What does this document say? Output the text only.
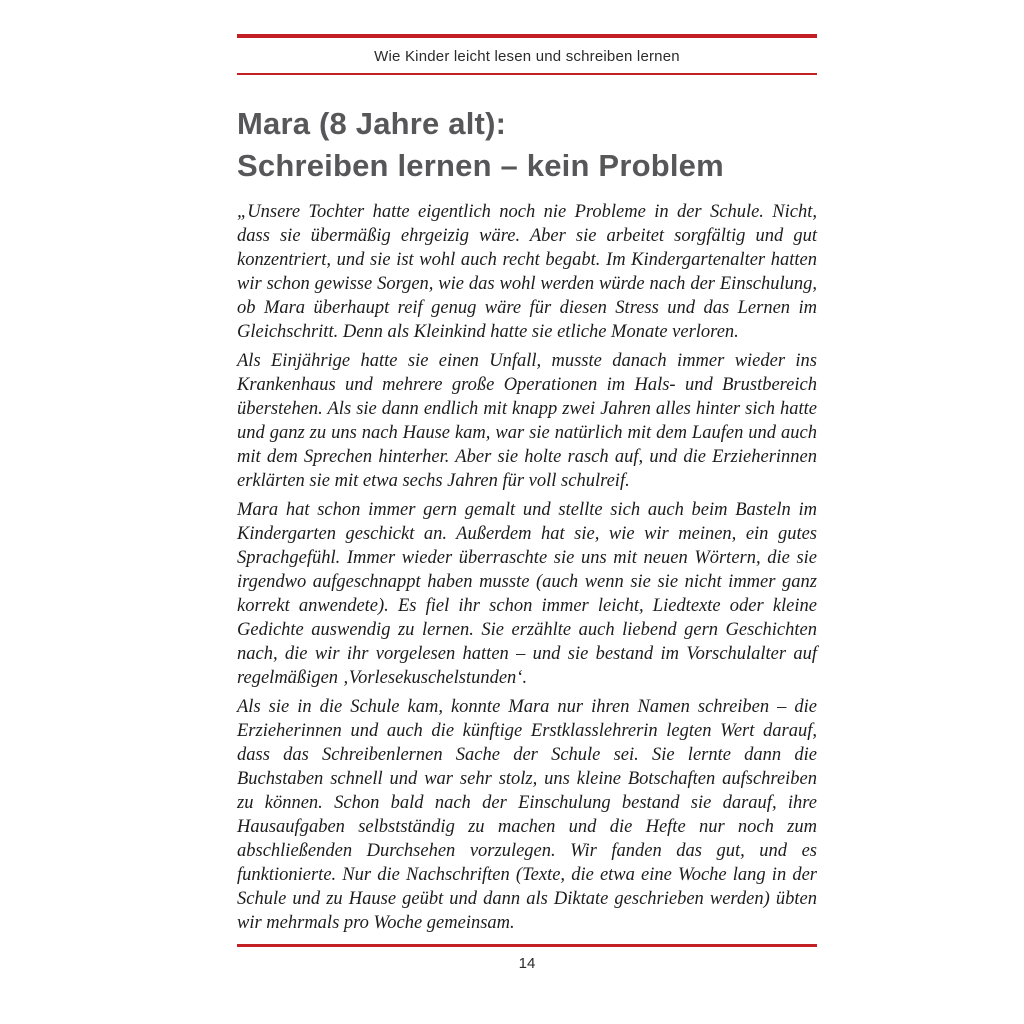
Wie Kinder leicht lesen und schreiben lernen
Mara (8 Jahre alt):
Schreiben lernen – kein Problem

„Unsere Tochter hatte eigentlich noch nie Probleme in der Schule. Nicht, dass sie übermäßig ehrgeizig wäre. Aber sie arbeitet sorgfältig und gut konzentriert, und sie ist wohl auch recht begabt. Im Kindergartenalter hatten wir schon gewisse Sorgen, wie das wohl werden würde nach der Einschulung, ob Mara überhaupt reif genug wäre für diesen Stress und das Lernen im Gleichschritt. Denn als Kleinkind hatte sie etliche Monate verloren.

Als Einjährige hatte sie einen Unfall, musste danach immer wieder ins Krankenhaus und mehrere große Operationen im Hals- und Brustbereich überstehen. Als sie dann endlich mit knapp zwei Jahren alles hinter sich hatte und ganz zu uns nach Hause kam, war sie natürlich mit dem Laufen und auch mit dem Sprechen hinterher. Aber sie holte rasch auf, und die Erzieherinnen erklärten sie mit etwa sechs Jahren für voll schulreif.

Mara hat schon immer gern gemalt und stellte sich auch beim Basteln im Kindergarten geschickt an. Außerdem hat sie, wie wir meinen, ein gutes Sprachgefühl. Immer wieder überraschte sie uns mit neuen Wörtern, die sie irgendwo aufgeschnappt haben musste (auch wenn sie sie nicht immer ganz korrekt anwendete). Es fiel ihr schon immer leicht, Liedtexte oder kleine Gedichte auswendig zu lernen. Sie erzählte auch liebend gern Geschichten nach, die wir ihr vorgelesen hatten – und sie bestand im Vorschulalter auf regelmäßigen ‚Vorlesekuschelstunden‘.

Als sie in die Schule kam, konnte Mara nur ihren Namen schreiben – die Erzieherinnen und auch die künftige Erstklasslehrerin legten Wert darauf, dass das Schreibenlernen Sache der Schule sei. Sie lernte dann die Buchstaben schnell und war sehr stolz, uns kleine Botschaften aufschreiben zu können. Schon bald nach der Einschulung bestand sie darauf, ihre Hausaufgaben selbstständig zu machen und die Hefte nur noch zum abschließenden Durchsehen vorzulegen. Wir fanden das gut, und es funktionierte. Nur die Nachschriften (Texte, die etwa eine Woche lang in der Schule und zu Hause geübt und dann als Diktate geschrieben werden) übten wir mehrmals pro Woche gemeinsam.

14
